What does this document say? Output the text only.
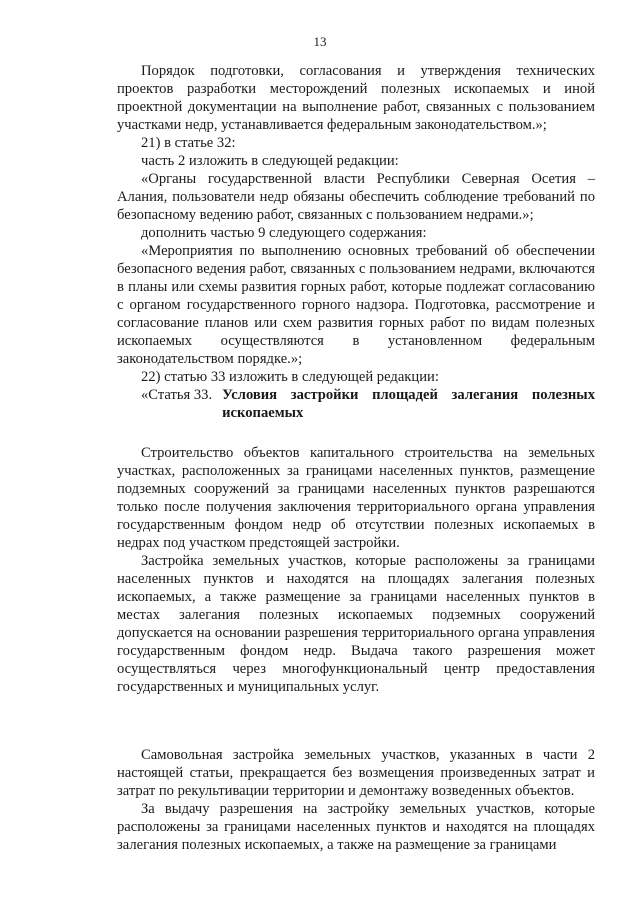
13

Порядок подготовки, согласования и утверждения технических проектов разработки месторождений полезных ископаемых и иной проектной документации на выполнение работ, связанных с пользованием участками недр, устанавливается федеральным законодательством.»;

21) в статье 32:

часть 2 изложить в следующей редакции:

«Органы государственной власти Республики Северная Осетия – Алания, пользователи недр обязаны обеспечить соблюдение требований по безопасному ведению работ, связанных с пользованием недрами.»;

дополнить частью 9 следующего содержания:

«Мероприятия по выполнению основных требований об обеспечении безопасного ведения работ, связанных с пользованием недрами, включаются в планы или схемы развития горных работ, которые подлежат согласованию с органом государственного горного надзора. Подготовка, рассмотрение и согласование планов или схем развития горных работ по видам полезных ископаемых осуществляются в установленном федеральным законодательством порядке.»;

22) статью 33 изложить в следующей редакции:

«Статья 33. Условия застройки площадей залегания полезных ископаемых

Строительство объектов капитального строительства на земельных участках, расположенных за границами населенных пунктов, размещение подземных сооружений за границами населенных пунктов разрешаются только после получения заключения территориального органа управления государственным фондом недр об отсутствии полезных ископаемых в недрах под участком предстоящей застройки.

Застройка земельных участков, которые расположены за границами населенных пунктов и находятся на площадях залегания полезных ископаемых, а также размещение за границами населенных пунктов в местах залегания полезных ископаемых подземных сооружений допускается на основании разрешения территориального органа управления государственным фондом недр. Выдача такого разрешения может осуществляться через многофункциональный центр предоставления государственных и муниципальных услуг.

Самовольная застройка земельных участков, указанных в части 2 настоящей статьи, прекращается без возмещения произведенных затрат и затрат по рекультивации территории и демонтажу возведенных объектов.

За выдачу разрешения на застройку земельных участков, которые расположены за границами населенных пунктов и находятся на площадях залегания полезных ископаемых, а также на размещение за границами
